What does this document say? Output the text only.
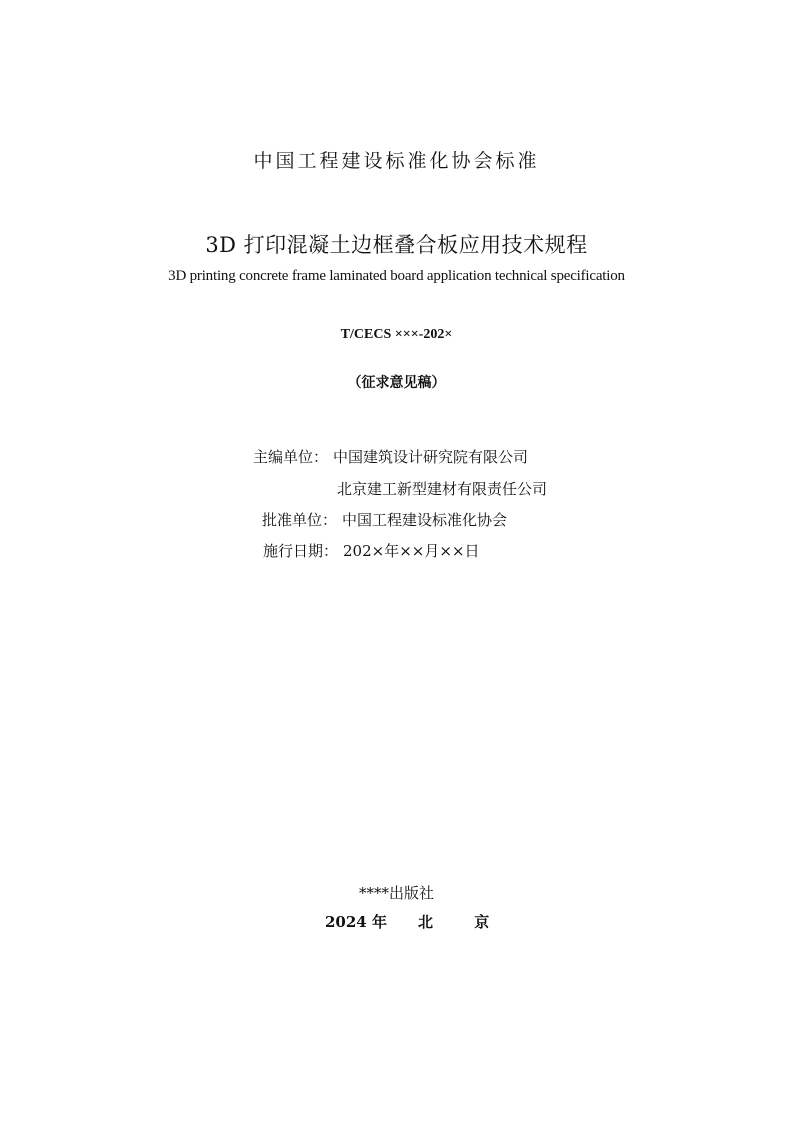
中国工程建设标准化协会标准
3D 打印混凝土边框叠合板应用技术规程
3D printing concrete frame laminated board application technical specification
T/CECS ×××-202×
（征求意见稿）
主编单位： 中国建筑设计研究院有限公司
北京建工新型建材有限责任公司
批准单位： 中国工程建设标准化协会
施行日期： 202×年××月××日
****出版社
2024 年 北 京
